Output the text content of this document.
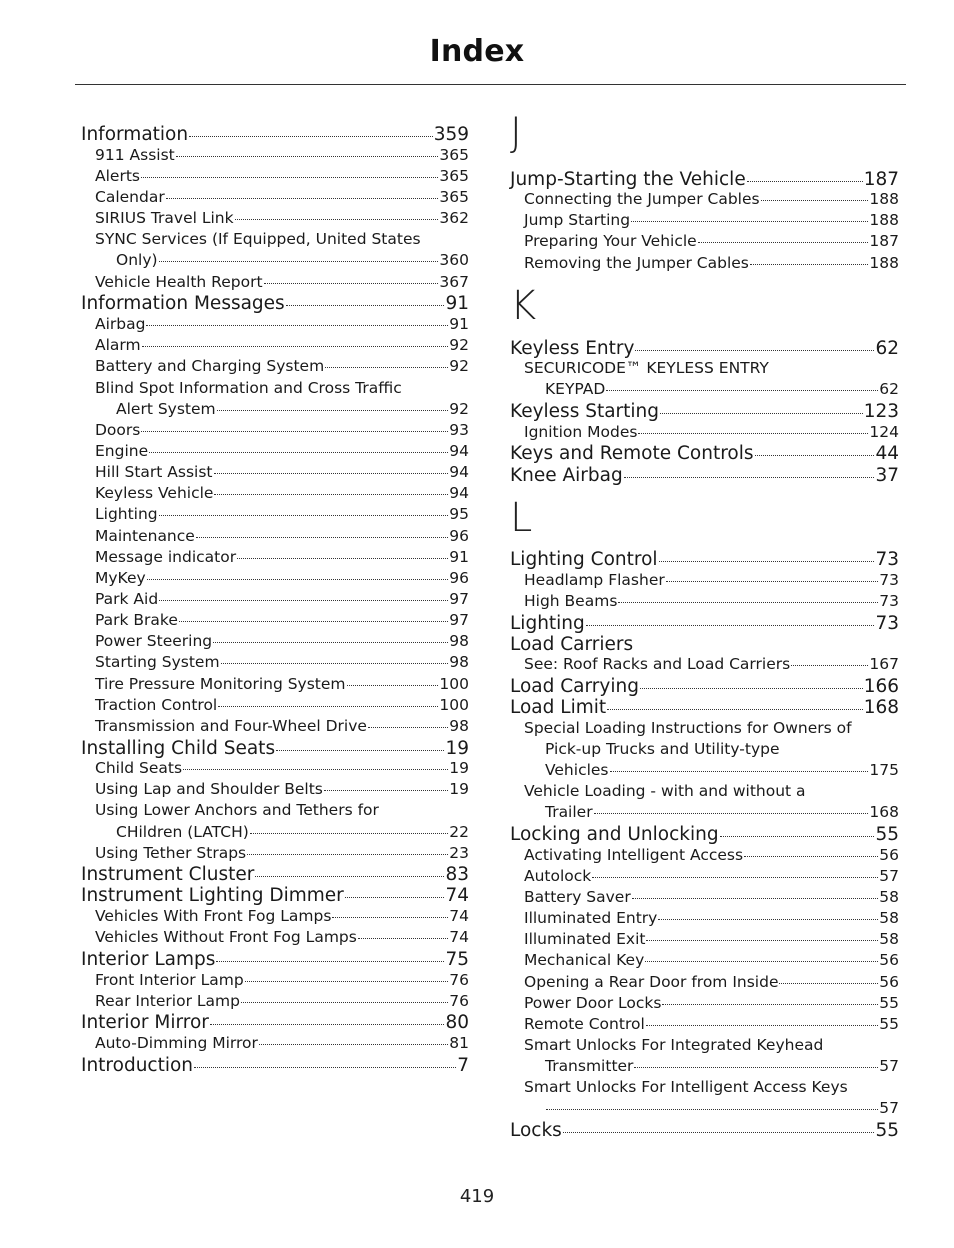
Index
Information	359
911 Assist	365
Alerts	365
Calendar	365
SIRIUS Travel Link	362
SYNC Services (If Equipped, United States
Only)	360
Vehicle Health Report	367
Information Messages	91
Airbag	91
Alarm	92
Battery and Charging System	92
Blind Spot Information and Cross Traffic
Alert System	92
Doors	93
Engine	94
Hill Start Assist	94
Keyless Vehicle	94
Lighting	95
Maintenance	96
Message indicator	91
MyKey	96
Park Aid	97
Park Brake	97
Power Steering	98
Starting System	98
Tire Pressure Monitoring System	100
Traction Control	100
Transmission and Four-Wheel Drive	98
Installing Child Seats	19
Child Seats	19
Using Lap and Shoulder Belts	19
Using Lower Anchors and Tethers for
CHildren (LATCH)	22
Using Tether Straps	23
Instrument Cluster	83
Instrument Lighting Dimmer	74
Vehicles With Front Fog Lamps	74
Vehicles Without Front Fog Lamps	74
Interior Lamps	75
Front Interior Lamp	76
Rear Interior Lamp	76
Interior Mirror	80
Auto-Dimming Mirror	81
Introduction	7
J
Jump-Starting the Vehicle	187
Connecting the Jumper Cables	188
Jump Starting	188
Preparing Your Vehicle	187
Removing the Jumper Cables	188
K
Keyless Entry	62
SECURICODE™ KEYLESS ENTRY
KEYPAD	62
Keyless Starting	123
Ignition Modes	124
Keys and Remote Controls	44
Knee Airbag	37
L
Lighting Control	73
Headlamp Flasher	73
High Beams	73
Lighting	73
Load Carriers
See: Roof Racks and Load Carriers	167
Load Carrying	166
Load Limit	168
Special Loading Instructions for Owners of
Pick-up Trucks and Utility-type
Vehicles	175
Vehicle Loading - with and without a
Trailer	168
Locking and Unlocking	55
Activating Intelligent Access	56
Autolock	57
Battery Saver	58
Illuminated Entry	58
Illuminated Exit	58
Mechanical Key	56
Opening a Rear Door from Inside	56
Power Door Locks	55
Remote Control	55
Smart Unlocks For Integrated Keyhead
Transmitter	57
Smart Unlocks For Intelligent Access Keys
57
Locks	55
419
